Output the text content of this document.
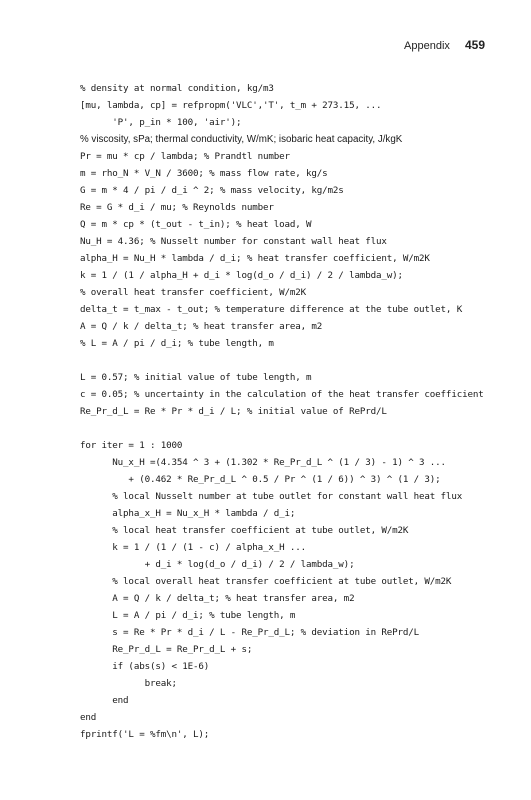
Appendix 459
% density at normal condition, kg/m3
[mu, lambda, cp] = refpropm('VLC','T', t_m + 273.15, ...
'P', p_in * 100, 'air');
% viscosity, sPa; thermal conductivity, W/mK; isobaric heat capacity, J/kgK
Pr = mu * cp / lambda; % Prandtl number
m = rho_N * V_N / 3600; % mass flow rate, kg/s
G = m * 4 / pi / d_i ^ 2; % mass velocity, kg/m2s
Re = G * d_i / mu; % Reynolds number
Q = m * cp * (t_out - t_in); % heat load, W
Nu_H = 4.36; % Nusselt number for constant wall heat flux
alpha_H = Nu_H * lambda / d_i; % heat transfer coefficient, W/m2K
k = 1 / (1 / alpha_H + d_i * log(d_o / d_i) / 2 / lambda_w);
% overall heat transfer coefficient, W/m2K
delta_t = t_max - t_out; % temperature difference at the tube outlet, K
A = Q / k / delta_t; % heat transfer area, m2
% L = A / pi / d_i; % tube length, m
L = 0.57; % initial value of tube length, m
c = 0.05; % uncertainty in the calculation of the heat transfer coefficient
Re_Pr_d_L = Re * Pr * d_i / L; % initial value of RePrd/L
for iter = 1 : 1000
Nu_x_H =(4.354 ^ 3 + (1.302 * Re_Pr_d_L ^ (1 / 3) - 1) ^ 3 ...
+ (0.462 * Re_Pr_d_L ^ 0.5 / Pr ^ (1 / 6)) ^ 3) ^ (1 / 3);
% local Nusselt number at tube outlet for constant wall heat flux
alpha_x_H = Nu_x_H * lambda / d_i;
% local heat transfer coefficient at tube outlet, W/m2K
k = 1 / (1 / (1 - c) / alpha_x_H ...
+ d_i * log(d_o / d_i) / 2 / lambda_w);
% local overall heat transfer coefficient at tube outlet, W/m2K
A = Q / k / delta_t; % heat transfer area, m2
L = A / pi / d_i; % tube length, m
s = Re * Pr * d_i / L - Re_Pr_d_L; % deviation in RePrd/L
Re_Pr_d_L = Re_Pr_d_L + s;
if (abs(s) < 1E-6)
break;
end
end
fprintf('L = %fm\n', L);
